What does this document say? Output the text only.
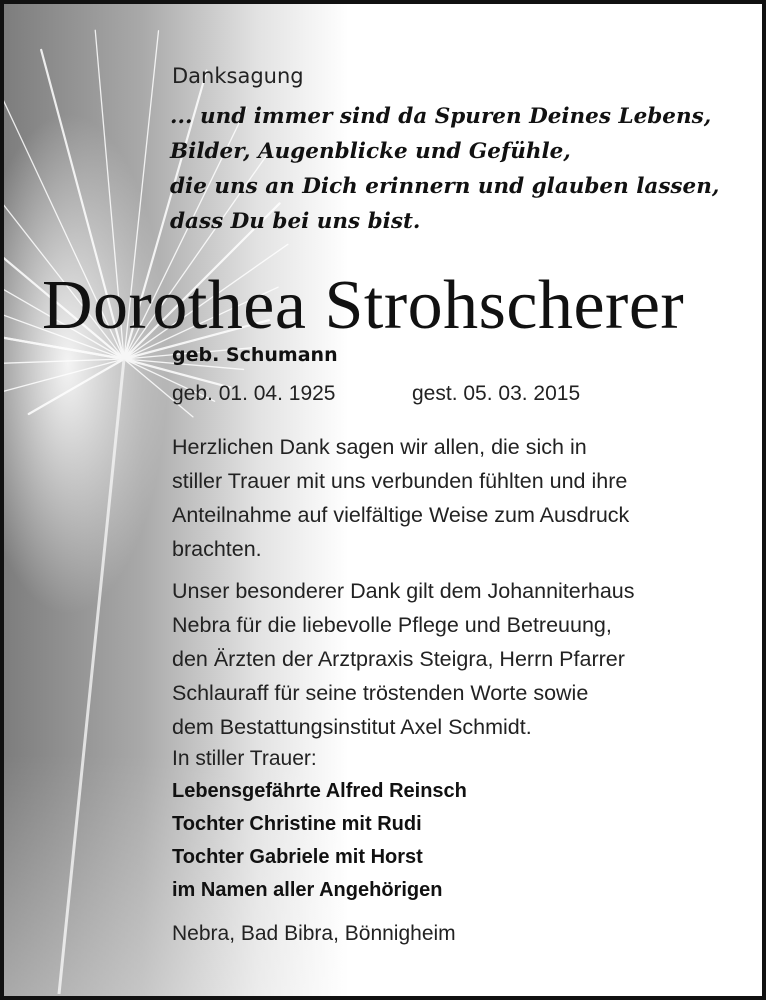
Danksagung
... und immer sind da Spuren Deines Lebens,
Bilder, Augenblicke und Gefühle,
die uns an Dich erinnern und glauben lassen,
dass Du bei uns bist.
Dorothea Strohscherer
geb. Schumann
geb. 01. 04. 1925	gest. 05. 03. 2015
Herzlichen Dank sagen wir allen, die sich in
stiller Trauer mit uns verbunden fühlten und ihre
Anteilnahme auf vielfältige Weise zum Ausdruck
brachten.
Unser besonderer Dank gilt dem Johanniterhaus
Nebra für die liebevolle Pflege und Betreuung,
den Ärzten der Arztpraxis Steigra, Herrn Pfarrer
Schlauraff für seine tröstenden Worte sowie
dem Bestattungsinstitut Axel Schmidt.
In stiller Trauer:
Lebensgefährte Alfred Reinsch
Tochter Christine mit Rudi
Tochter Gabriele mit Horst
im Namen aller Angehörigen
Nebra, Bad Bibra, Bönnigheim
